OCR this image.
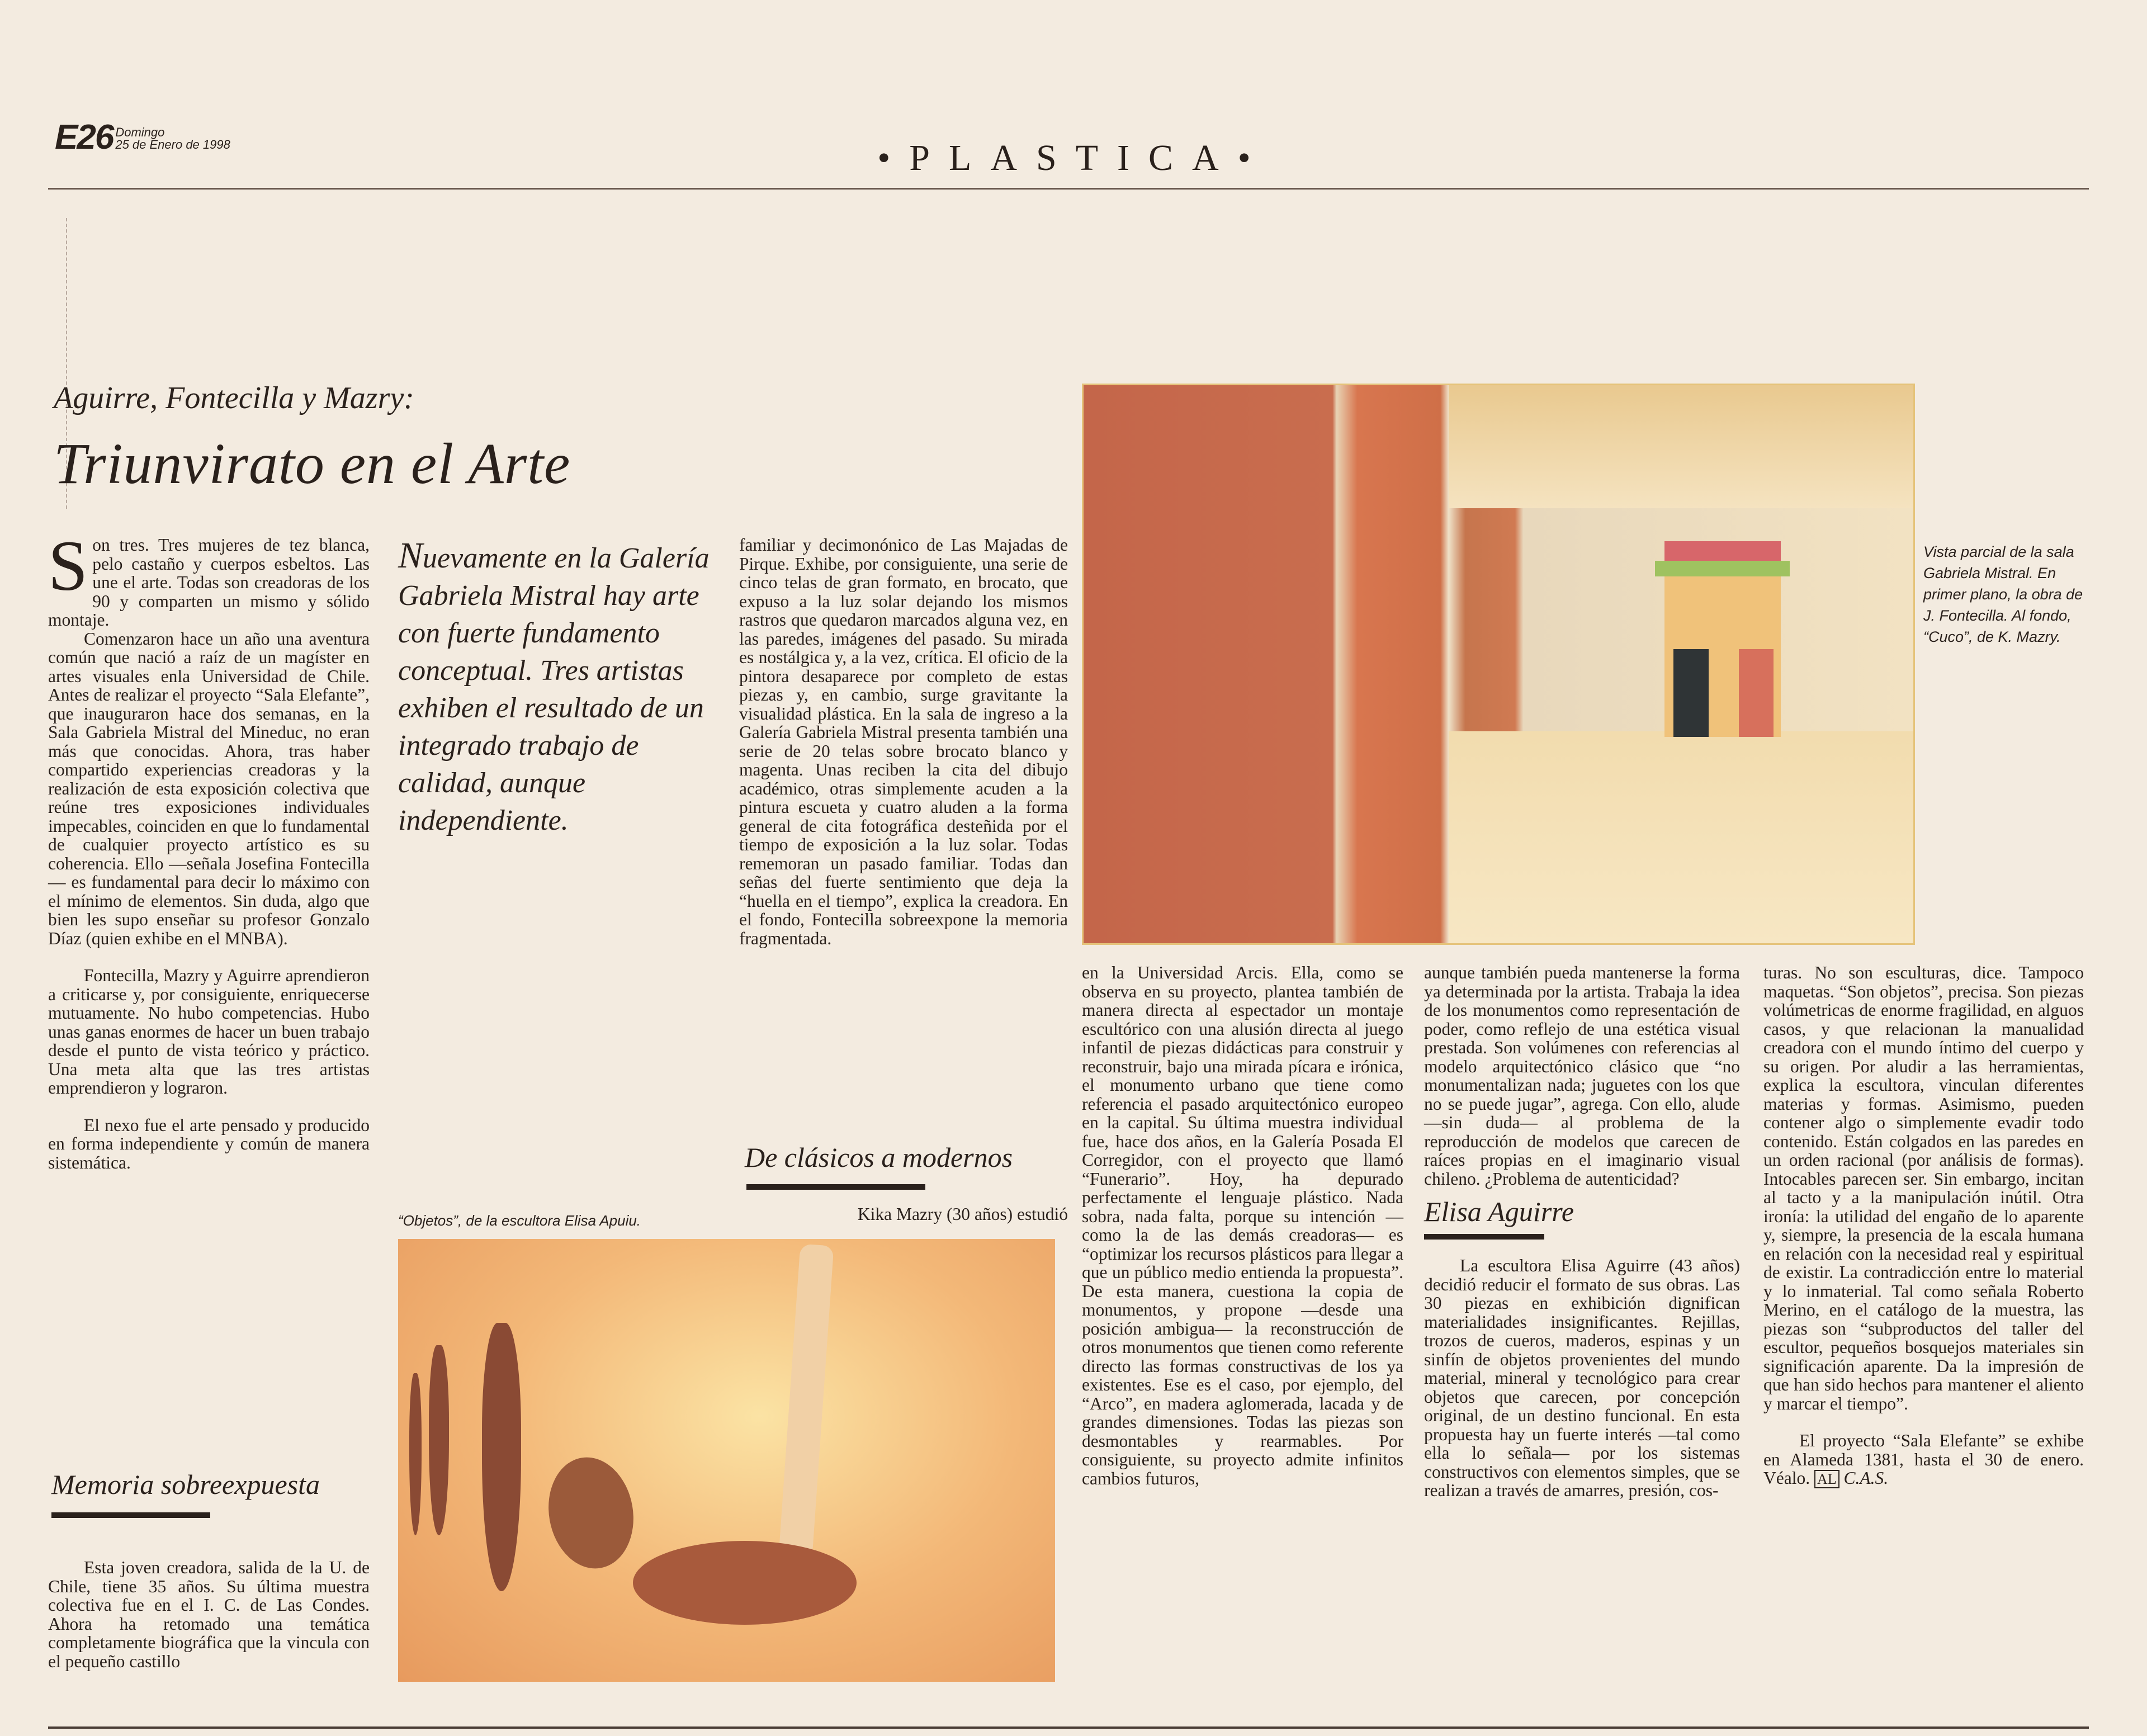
E26 Domingo
25 de Enero de 1998	•PLASTICA•
Aguirre, Fontecilla y Mazry:
Triunvirato en el Arte

Son tres. Tres mujeres de tez blanca, pelo castaño y cuerpos esbeltos. Las une el arte. Todas son creadoras de los 90 y comparten un mismo y sólido montaje.

Comenzaron hace un año una aventura común que nació a raíz de un magíster en artes visuales enla Universidad de Chile. Antes de realizar el proyecto “Sala Elefante”, que inauguraron hace dos semanas, en la Sala Gabriela Mistral del Mineduc, no eran más que conocidas. Ahora, tras haber compartido experiencias creadoras y la realización de esta exposición colectiva que reúne tres exposiciones individuales impecables, coinciden en que lo fundamental de cualquier proyecto artístico es su coherencia. Ello —señala Josefina Fontecilla — es fundamental para decir lo máximo con el mínimo de elementos. Sin duda, algo que bien les supo enseñar su profesor Gonzalo Díaz (quien exhibe en el MNBA).

Fontecilla, Mazry y Aguirre aprendieron a criticarse y, por consiguiente, enriquecerse mutuamente. No hubo competencias. Hubo unas ganas enormes de hacer un buen trabajo desde el punto de vista teórico y práctico. Una meta alta que las tres artistas emprendieron y lograron.

El nexo fue el arte pensado y producido en forma independiente y común de manera sistemática.

Memoria sobreexpuesta

Esta joven creadora, salida de la U. de Chile, tiene 35 años. Su última muestra colectiva fue en el I. C. de Las Condes. Ahora ha retomado una temática completamente biográfica que la vincula con el pequeño castillo

Nuevamente en la Galería Gabriela Mistral hay arte con fuerte fundamento conceptual. Tres artistas exhiben el resultado de un integrado trabajo de calidad, aunque independiente.

familiar y decimonónico de Las Majadas de Pirque. Exhibe, por consiguiente, una serie de cinco telas de gran formato, en brocato, que expuso a la luz solar dejando los mismos rastros que quedaron marcados alguna vez, en las paredes, imágenes del pasado. Su mirada es nostálgica y, a la vez, crítica. El oficio de la pintora desaparece por completo de estas piezas y, en cambio, surge gravitante la visualidad plástica. En la sala de ingreso a la Galería Gabriela Mistral presenta también una serie de 20 telas sobre brocato blanco y magenta. Unas reciben la cita del dibujo académico, otras simplemente acuden a la pintura escueta y cuatro aluden a la forma general de cita fotográfica desteñida por el tiempo de exposición a la luz solar. Todas rememoran un pasado familiar. Todas dan señas del fuerte sentimiento que deja la “huella en el tiempo”, explica la creadora. En el fondo, Fontecilla sobreexpone la memoria fragmentada.

De clásicos a modernos
Kika Mazry (30 años) estudió
Vista parcial de la sala Gabriela Mistral. En primer plano, la obra de J. Fontecilla. Al fondo, “Cuco”, de K. Mazry.
“Objetos”, de la escultora Elisa Apuiu.

en la Universidad Arcis. Ella, como se observa en su proyecto, plantea también de manera directa al espectador un montaje escultórico con una alusión directa al juego infantil de piezas didácticas para construir y reconstruir, bajo una mirada pícara e irónica, el monumento urbano que tiene como referencia el pasado arquitectónico europeo en la capital. Su última muestra individual fue, hace dos años, en la Galería Posada El Corregidor, con el proyecto que llamó “Funerario”. Hoy, ha depurado perfectamente el lenguaje plástico. Nada sobra, nada falta, porque su intención —como la de las demás creadoras— es “optimizar los recursos plásticos para llegar a que un público medio entienda la propuesta”. De esta manera, cuestiona la copia de monumentos, y propone —desde una posición ambigua— la reconstrucción de otros monumentos que tienen como referente directo las formas constructivas de los ya existentes. Ese es el caso, por ejemplo, del “Arco”, en madera aglomerada, lacada y de grandes dimensiones. Todas las piezas son desmontables y rearmables. Por consiguiente, su proyecto admite infinitos cambios futuros,

aunque también pueda mantenerse la forma ya determinada por la artista. Trabaja la idea de los monumentos como representación de poder, como reflejo de una estética visual prestada. Son volúmenes con referencias al modelo arquitectónico clásico que “no monumentalizan nada; juguetes con los que no se puede jugar”, agrega. Con ello, alude —sin duda— al problema de la reproducción de modelos que carecen de raíces propias en el imaginario visual chileno. ¿Problema de autenticidad?

Elisa Aguirre

La escultora Elisa Aguirre (43 años) decidió reducir el formato de sus obras. Las 30 piezas en exhibición dignifican materialidades insignificantes. Rejillas, trozos de cueros, maderos, espinas y un sinfín de objetos provenientes del mundo material, mineral y tecnológico para crear objetos que carecen, por concepción original, de un destino funcional. En esta propuesta hay un fuerte interés —tal como ella lo señala— por los sistemas constructivos con elementos simples, que se realizan a través de amarres, presión, cos-

turas. No son esculturas, dice. Tampoco maquetas. “Son objetos”, precisa. Son piezas volúmetricas de enorme fragilidad, en alguos casos, y que relacionan la manualidad creadora con el mundo íntimo del cuerpo y su origen. Por aludir a las herramientas, explica la escultora, vinculan diferentes materias y formas. Asimismo, pueden contener algo o simplemente evadir todo contenido. Están colgados en las paredes en un orden racional (por análisis de formas). Intocables parecen ser. Sin embargo, incitan al tacto y a la manipulación inútil. Otra ironía: la utilidad del engaño de lo aparente y, siempre, la presencia de la escala humana en relación con la necesidad real y espiritual de existir. La contradicción entre lo material y lo inmaterial. Tal como señala Roberto Merino, en el catálogo de la muestra, las piezas son “subproductos del taller del escultor, pequeños bosquejos materiales sin significación aparente. Da la impresión de que han sido hechos para mantener el aliento y marcar el tiempo”.

El proyecto “Sala Elefante” se exhibe en Alameda 1381, hasta el 30 de enero. Véalo. AL C.A.S.
